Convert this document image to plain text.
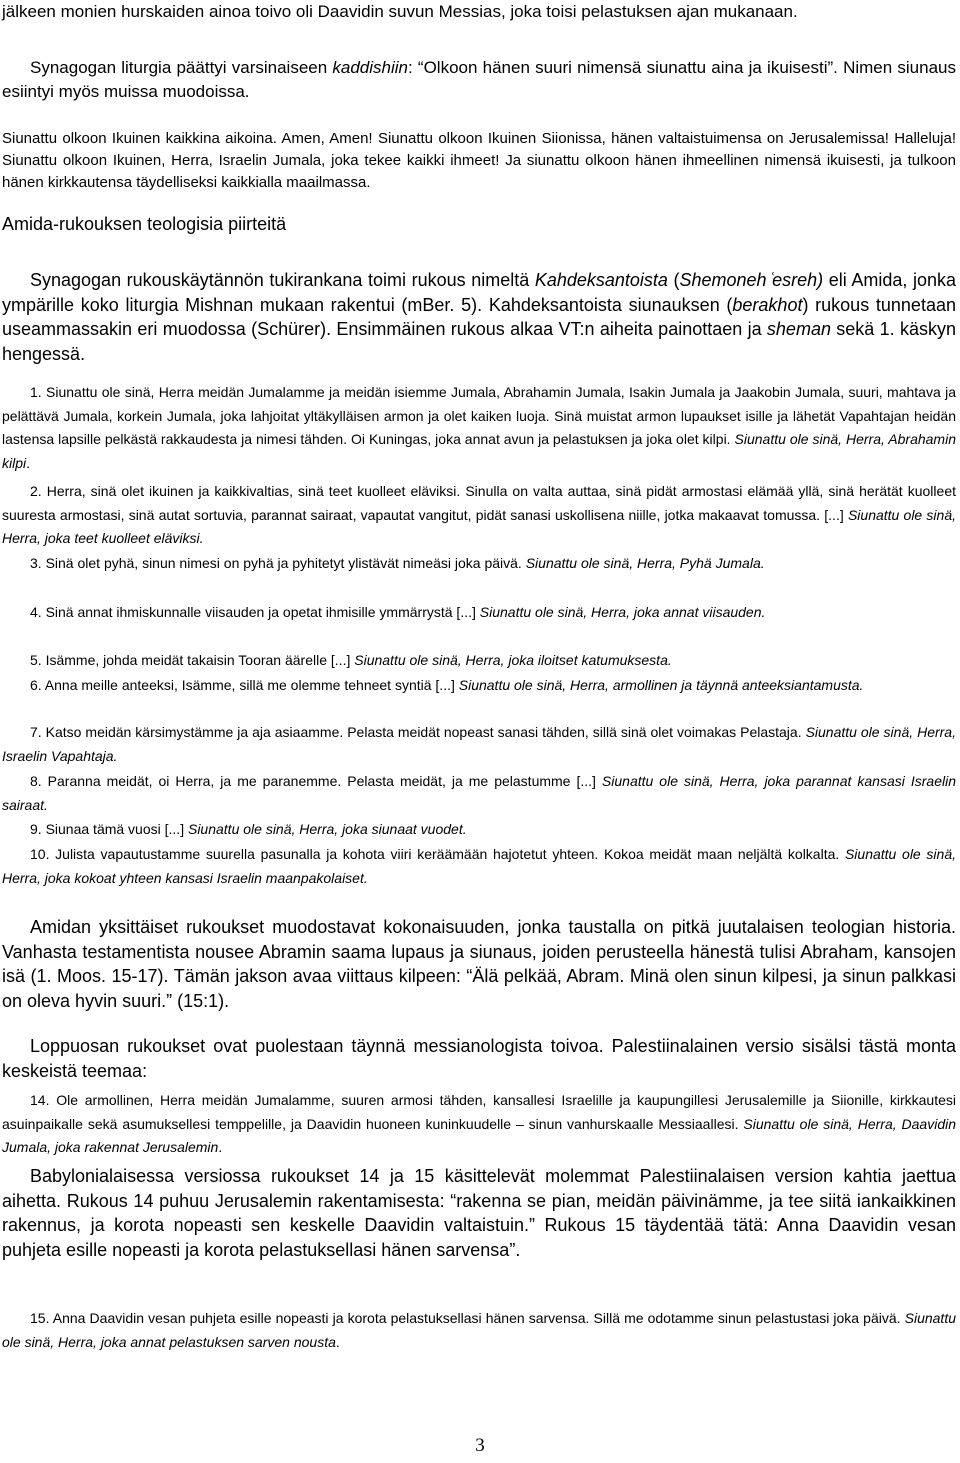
jälkeen monien hurskaiden ainoa toivo oli Daavidin suvun Messias, joka toisi pelastuksen ajan mukanaan.

Synagogan liturgia päättyi varsinaiseen kaddishiin: “Olkoon hänen suuri nimensä siunattu aina ja ikuisesti”. Nimen siunaus esiintyi myös muissa muodoissa.

Siunattu olkoon Ikuinen kaikkina aikoina. Amen, Amen! Siunattu olkoon Ikuinen Siionissa, hänen valtaistuimensa on Jerusalemissa! Halleluja! Siunattu olkoon Ikuinen, Herra, Israelin Jumala, joka tekee kaikki ihmeet! Ja siunattu olkoon hänen ihmeellinen nimensä ikuisesti, ja tulkoon hänen kirkkautensa täydelliseksi kaikkialla maailmassa.

Amida-rukouksen teologisia piirteitä

Synagogan rukouskäytännön tukirankana toimi rukous nimeltä Kahdeksantoista (Shemoneh ͑esreh) eli Amida, jonka ympärille koko liturgia Mishnan mukaan rakentui (mBer. 5). Kahdeksantoista siunauksen (berakhot) rukous tunnetaan useammassakin eri muodossa (Schürer). Ensimmäinen rukous alkaa VT:n aiheita painottaen ja sheman sekä 1. käskyn hengessä.

1. Siunattu ole sinä, Herra meidän Jumalamme ja meidän isiemme Jumala, Abrahamin Jumala, Isakin Jumala ja Jaakobin Jumala, suuri, mahtava ja pelättävä Jumala, korkein Jumala, joka lahjoitat yltäkylläisen armon ja olet kaiken luoja. Sinä muistat armon lupaukset isille ja lähetät Vapahtajan heidän lastensa lapsille pelkästä rakkaudesta ja nimesi tähden. Oi Kuningas, joka annat avun ja pelastuksen ja joka olet kilpi. Siunattu ole sinä, Herra, Abrahamin kilpi.
2. Herra, sinä olet ikuinen ja kaikkivaltias, sinä teet kuolleet eläviksi. Sinulla on valta auttaa, sinä pidät armostasi elämää yllä, sinä herätät kuolleet suuresta armostasi, sinä autat sortuvia, parannat sairaat, vapautat vangitut, pidät sanasi uskollisena niille, jotka makaavat tomussa. [...] Siunattu ole sinä, Herra, joka teet kuolleet eläviksi.
3. Sinä olet pyhä, sinun nimesi on pyhä ja pyhitetyt ylistävät nimeäsi joka päivä. Siunattu ole sinä, Herra, Pyhä Jumala.
4. Sinä annat ihmiskunnalle viisauden ja opetat ihmisille ymmärrystä [...] Siunattu ole sinä, Herra, joka annat viisauden.
5. Isämme, johda meidät takaisin Tooran äärelle [...] Siunattu ole sinä, Herra, joka iloitset katumuksesta.
6. Anna meille anteeksi, Isämme, sillä me olemme tehneet syntiä [...] Siunattu ole sinä, Herra, armollinen ja täynnä anteeksiantamusta.
7. Katso meidän kärsimystämme ja aja asiaamme. Pelasta meidät nopeast sanasi tähden, sillä sinä olet voimakas Pelastaja. Siunattu ole sinä, Herra, Israelin Vapahtaja.
8. Paranna meidät, oi Herra, ja me paranemme. Pelasta meidät, ja me pelastumme [...] Siunattu ole sinä, Herra, joka parannat kansasi Israelin sairaat.
9. Siunaa tämä vuosi [...] Siunattu ole sinä, Herra, joka siunaat vuodet.
10. Julista vapautustamme suurella pasunalla ja kohota viiri keräämään hajotetut yhteen. Kokoa meidät maan neljältä kolkalta. Siunattu ole sinä, Herra, joka kokoat yhteen kansasi Israelin maanpakolaiset.

Amidan yksittäiset rukoukset muodostavat kokonaisuuden, jonka taustalla on pitkä juutalaisen teologian historia. Vanhasta testamentista nousee Abramin saama lupaus ja siunaus, joiden perusteella hänestä tulisi Abraham, kansojen isä (1. Moos. 15-17). Tämän jakson avaa viittaus kilpeen: “Älä pelkää, Abram. Minä olen sinun kilpesi, ja sinun palkkasi on oleva hyvin suuri.” (15:1).

Loppuosan rukoukset ovat puolestaan täynnä messianologista toivoa. Palestiinalainen versio sisälsi tästä monta keskeistä teemaa:

14. Ole armollinen, Herra meidän Jumalamme, suuren armosi tähden, kansallesi Israelille ja kaupungillesi Jerusalemille ja Siionille, kirkkautesi asuinpaikalle sekä asumuksellesi temppelille, ja Daavidin huoneen kuninkuudelle – sinun vanhurskaalle Messiaallesi. Siunattu ole sinä, Herra, Daavidin Jumala, joka rakennat Jerusalemin.

Babylonialaisessa versiossa rukoukset 14 ja 15 käsittelevät molemmat Palestiinalaisen version kahtia jaettua aihetta. Rukous 14 puhuu Jerusalemin rakentamisesta: “rakenna se pian, meidän päivinämme, ja tee siitä iankaikkinen rakennus, ja korota nopeasti sen keskelle Daavidin valtaistuin.” Rukous 15 täydentää tätä: Anna Daavidin vesan puhjeta esille nopeasti ja korota pelastuksellasi hänen sarvensa”.

15. Anna Daavidin vesan puhjeta esille nopeasti ja korota pelastuksellasi hänen sarvensa. Sillä me odotamme sinun pelastustasi joka päivä. Siunattu ole sinä, Herra, joka annat pelastuksen sarven nousta.
3
